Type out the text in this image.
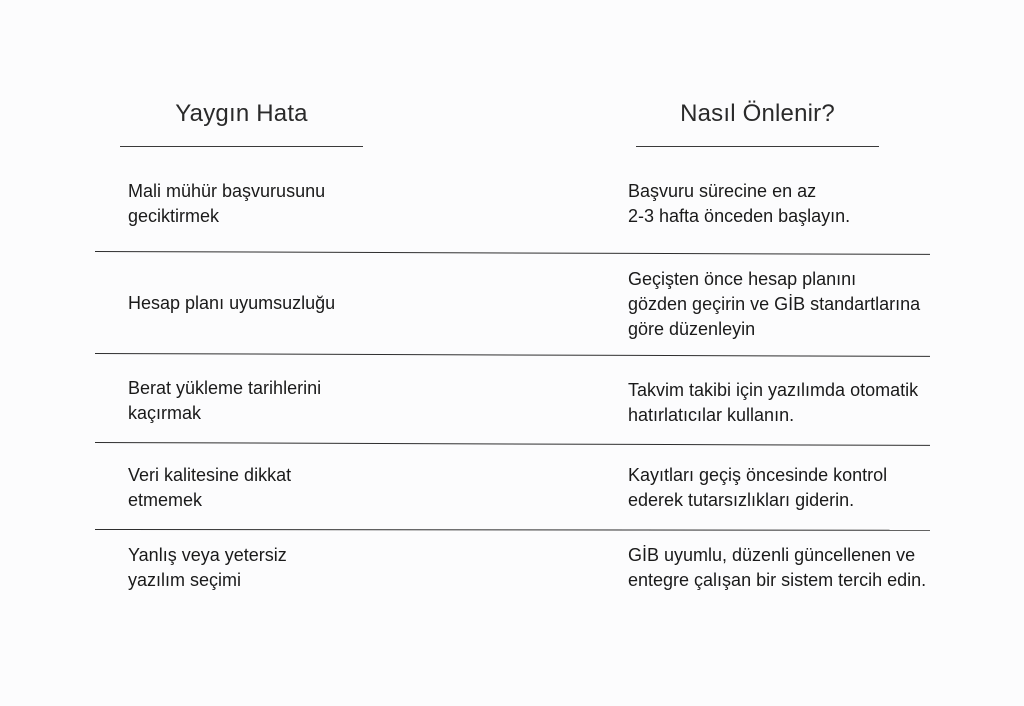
Yaygın Hata	Nasıl Önlenir?
Mali mühür başvurusunu
geciktirmek
Başvuru sürecine en az
2-3 hafta önceden başlayın.
Hesap planı uyumsuzluğu
Geçişten önce hesap planını
gözden geçirin ve GİB standartlarına
göre düzenleyin
Berat yükleme tarihlerini
kaçırmak
Takvim takibi için yazılımda otomatik
hatırlatıcılar kullanın.
Veri kalitesine dikkat
etmemek
Kayıtları geçiş öncesinde kontrol
ederek tutarsızlıkları giderin.
Yanlış veya yetersiz
yazılım seçimi
GİB uyumlu, düzenli güncellenen ve
entegre çalışan bir sistem tercih edin.
